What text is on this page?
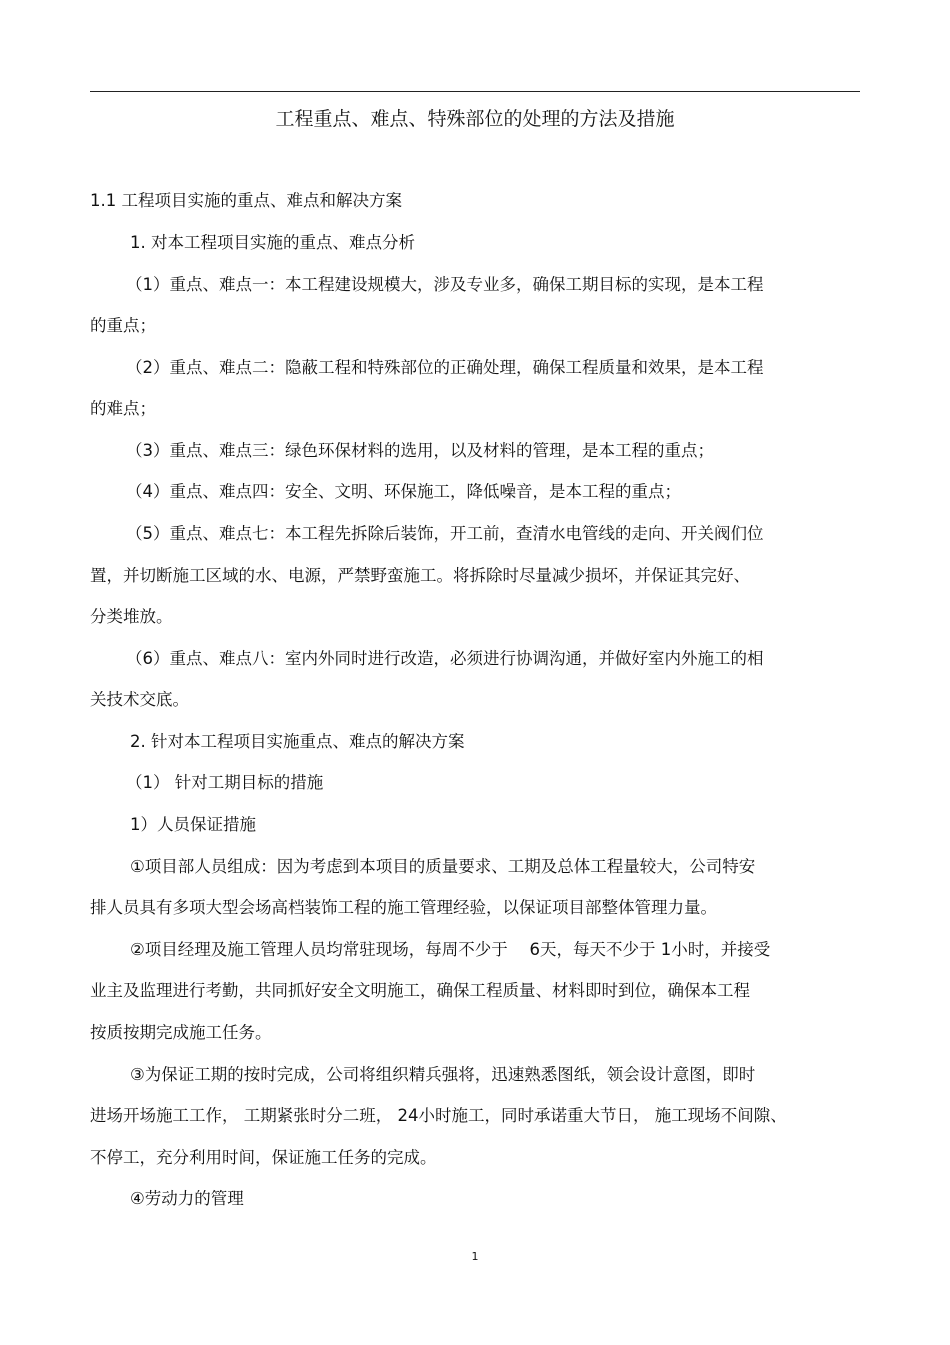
工程重点、难点、特殊部位的处理的方法及措施
1.1 工程项目实施的重点、难点和解决方案
1. 对本工程项目实施的重点、难点分析
（1）重点、难点一：本工程建设规模大，涉及专业多，确保工期目标的实现，是本工程
的重点；
（2）重点、难点二：隐蔽工程和特殊部位的正确处理，确保工程质量和效果，是本工程
的难点；
（3）重点、难点三：绿色环保材料的选用，以及材料的管理，是本工程的重点；
（4）重点、难点四：安全、文明、环保施工，降低噪音，是本工程的重点；
（5）重点、难点七：本工程先拆除后装饰，开工前，查清水电管线的走向、开关阀们位
置，并切断施工区域的水、电源，严禁野蛮施工。将拆除时尽量减少损坏，并保证其完好、
分类堆放。
（6）重点、难点八：室内外同时进行改造，必须进行协调沟通，并做好室内外施工的相
关技术交底。
2. 针对本工程项目实施重点、难点的解决方案
（1） 针对工期目标的措施
1）人员保证措施
①项目部人员组成：因为考虑到本项目的质量要求、工期及总体工程量较大，公司特安
排人员具有多项大型会场高档装饰工程的施工管理经验，以保证项目部整体管理力量。
②项目经理及施工管理人员均常驻现场，每周不少于　 6天，每天不少于 1小时，并接受
业主及监理进行考勤，共同抓好安全文明施工，确保工程质量、材料即时到位，确保本工程
按质按期完成施工任务。
③为保证工期的按时完成，公司将组织精兵强将，迅速熟悉图纸，领会设计意图，即时
进场开场施工工作， 工期紧张时分二班， 24小时施工，同时承诺重大节日， 施工现场不间隙、
不停工，充分利用时间，保证施工任务的完成。
④劳动力的管理
1
